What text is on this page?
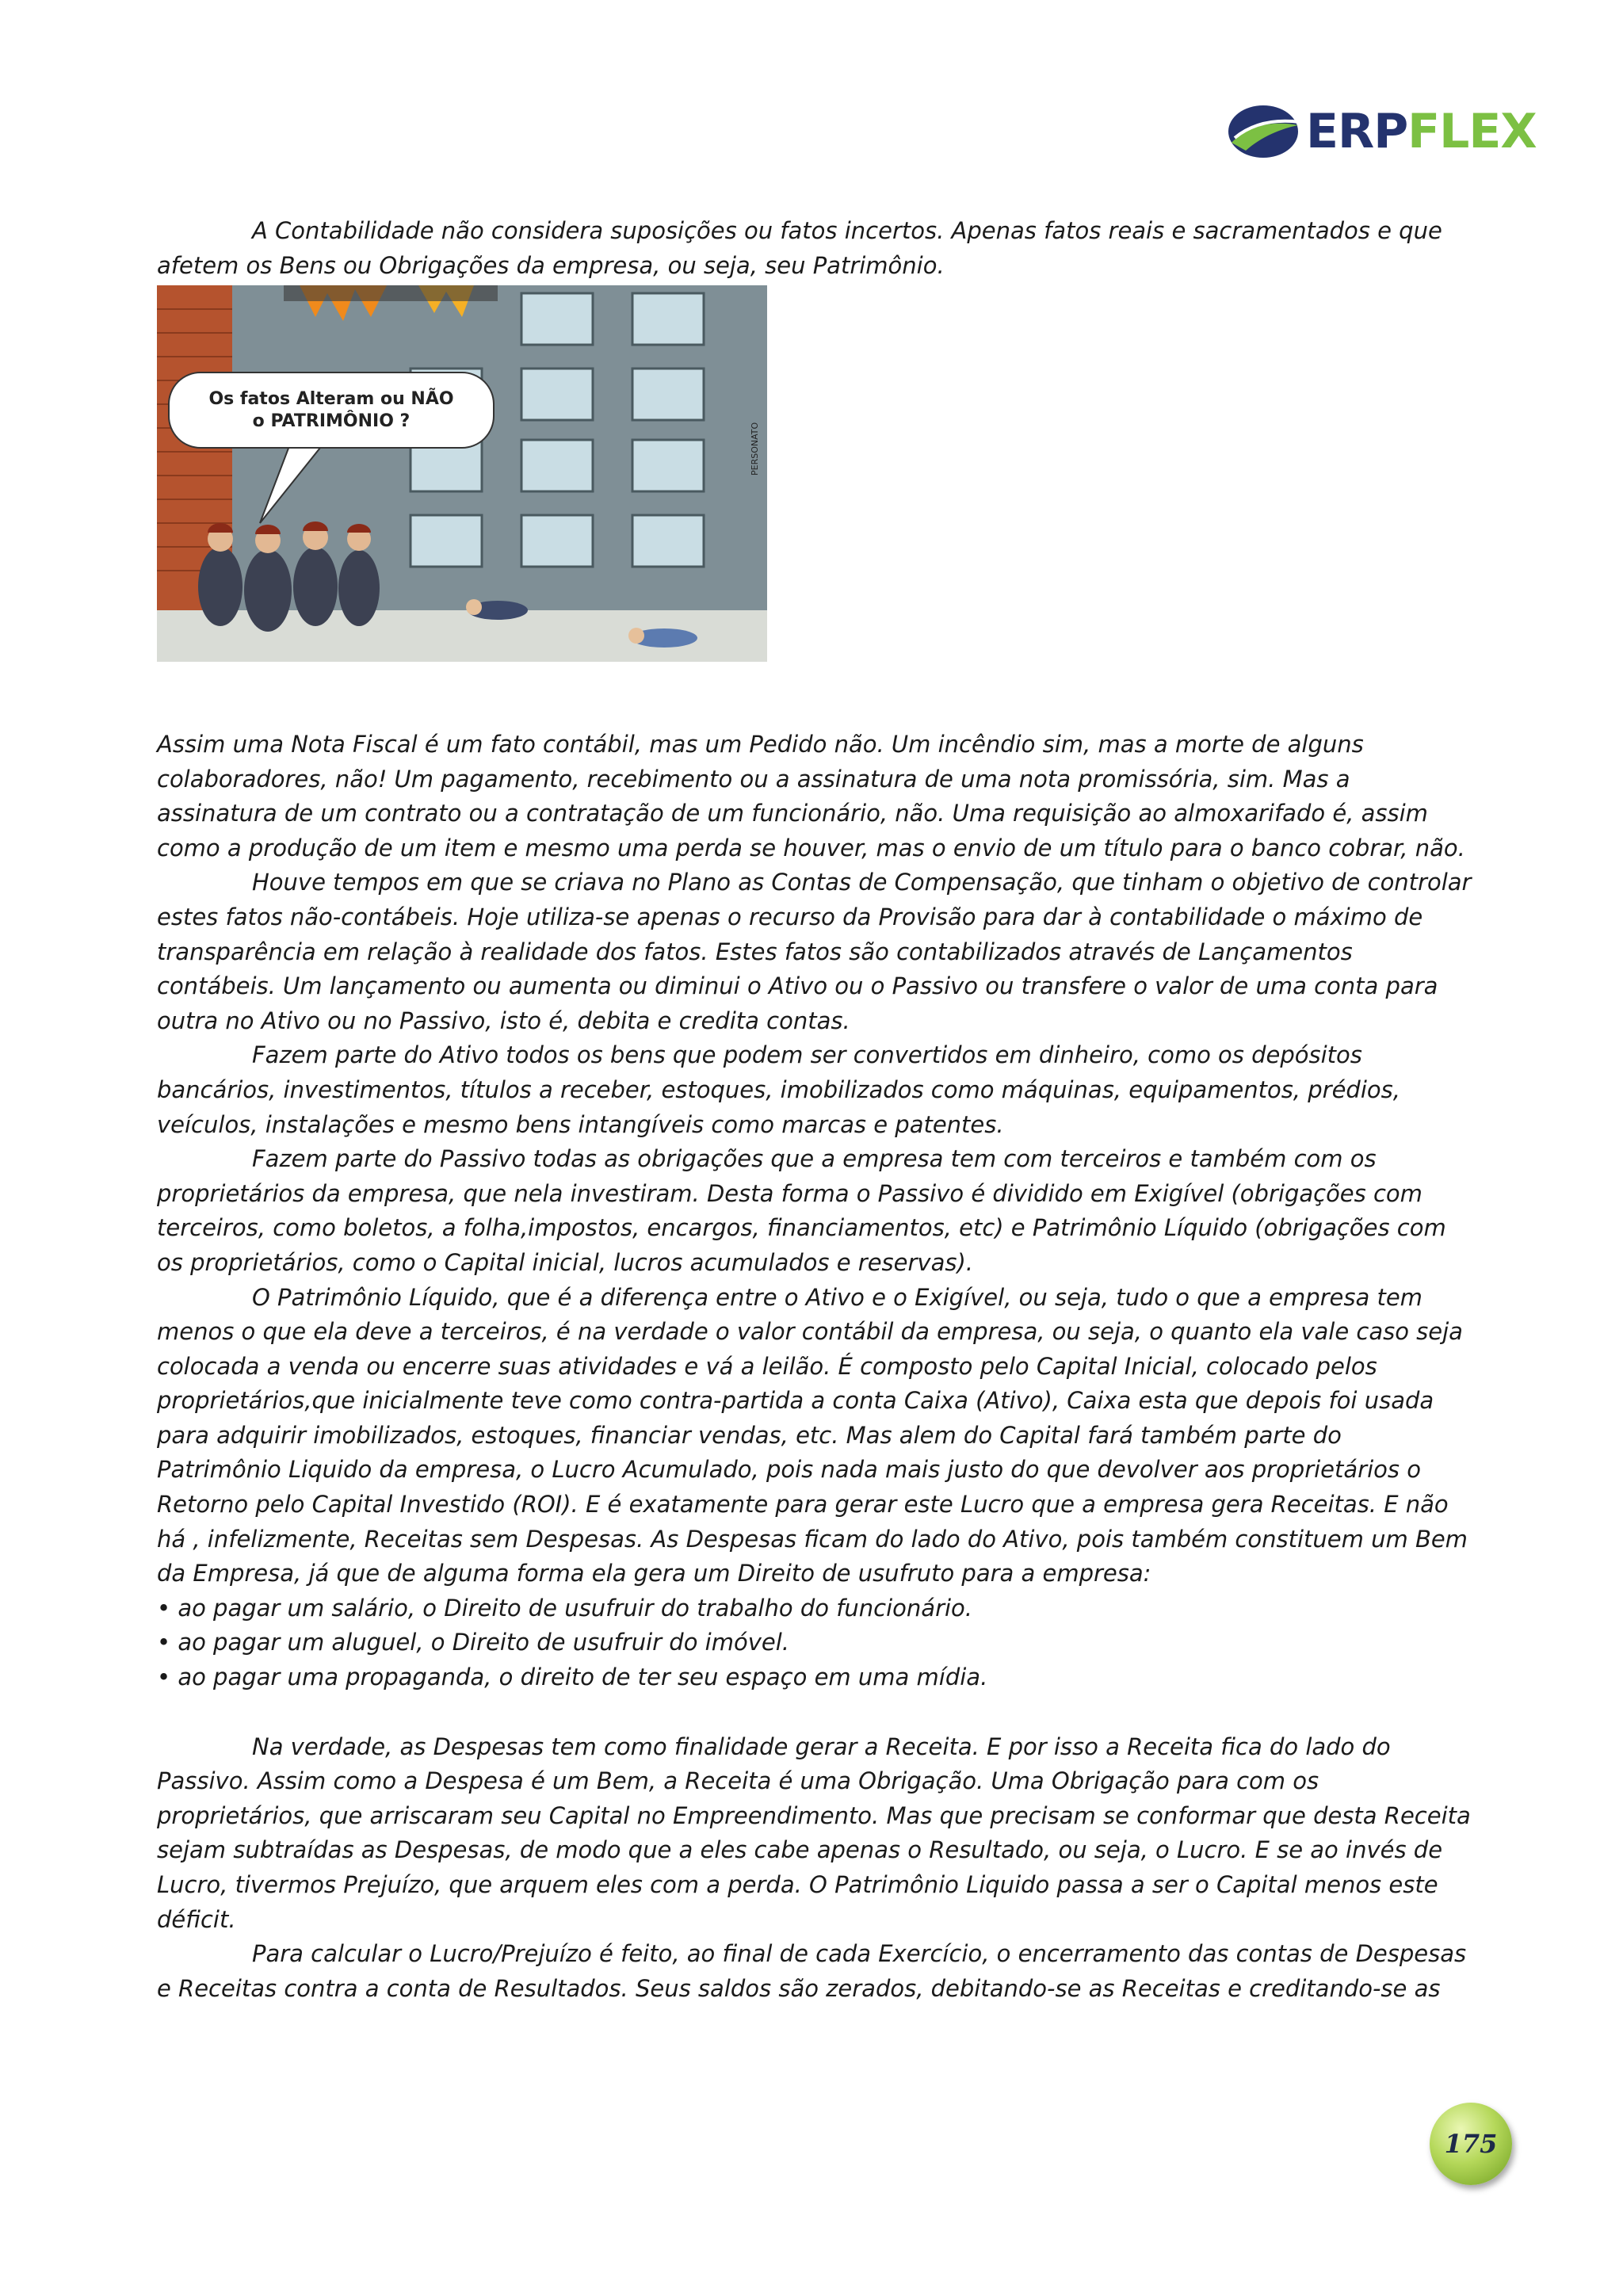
ERPFLEX

A Contabilidade não considera suposições ou fatos incertos. Apenas fatos reais e sacramentados e que afetem os Bens ou Obrigações da empresa, ou seja, seu Patrimônio.

Os fatos Alteram ou NÃO
o PATRIMÔNIO ?
PERSONATO

Assim uma Nota Fiscal é um fato contábil, mas um Pedido não. Um incêndio sim, mas a morte de alguns colaboradores, não! Um pagamento, recebimento ou a assinatura de uma nota promissória, sim. Mas a assinatura de um contrato ou a contratação de um funcionário, não. Uma requisição ao almoxarifado é, assim como a produção de um item e mesmo uma perda se houver, mas o envio de um título para o banco cobrar, não.

Houve tempos em que se criava no Plano as Contas de Compensação, que tinham o objetivo de controlar estes fatos não-contábeis. Hoje utiliza-se apenas o recurso da Provisão para dar à contabilidade o máximo de transparência em relação à realidade dos fatos. Estes fatos são contabilizados através de Lançamentos contábeis. Um lançamento ou aumenta ou diminui o Ativo ou o Passivo ou transfere o valor de uma conta para outra no Ativo ou no Passivo, isto é, debita e credita contas.

Fazem parte do Ativo todos os bens que podem ser convertidos em dinheiro, como os depósitos bancários, investimentos, títulos a receber, estoques, imobilizados como máquinas, equipamentos, prédios, veículos, instalações e mesmo bens intangíveis como marcas e patentes.

Fazem parte do Passivo todas as obrigações que a empresa tem com terceiros e também com os proprietários da empresa, que nela investiram. Desta forma o Passivo é dividido em Exigível (obrigações com terceiros, como boletos, a folha,impostos, encargos, financiamentos, etc) e Patrimônio Líquido (obrigações com os proprietários, como o Capital inicial, lucros acumulados e reservas).

O Patrimônio Líquido, que é a diferença entre o Ativo e o Exigível, ou seja, tudo o que a empresa tem menos o que ela deve a terceiros, é na verdade o valor contábil da empresa, ou seja, o quanto ela vale caso seja colocada a venda ou encerre suas atividades e vá a leilão. É composto pelo Capital Inicial, colocado pelos proprietários,que inicialmente teve como contra-partida a conta Caixa (Ativo), Caixa esta que depois foi usada para adquirir imobilizados, estoques, financiar vendas, etc. Mas alem do Capital fará também parte do Patrimônio Liquido da empresa, o Lucro Acumulado, pois nada mais justo do que devolver aos proprietários o Retorno pelo Capital Investido (ROI). E é exatamente para gerar este Lucro que a empresa gera Receitas. E não há , infelizmente, Receitas sem Despesas. As Despesas ficam do lado do Ativo, pois também constituem um Bem da Empresa, já que de alguma forma ela gera um Direito de usufruto para a empresa:

• ao pagar um salário, o Direito de usufruir do trabalho do funcionário.
• ao pagar um aluguel, o Direito de usufruir do imóvel.
• ao pagar uma propaganda, o direito de ter seu espaço em uma mídia.

Na verdade, as Despesas tem como finalidade gerar a Receita. E por isso a Receita fica do lado do Passivo. Assim como a Despesa é um Bem, a Receita é uma Obrigação. Uma Obrigação para com os proprietários, que arriscaram seu Capital no Empreendimento. Mas que precisam se conformar que desta Receita sejam subtraídas as Despesas, de modo que a eles cabe apenas o Resultado, ou seja, o Lucro. E se ao invés de Lucro, tivermos Prejuízo, que arquem eles com a perda. O Patrimônio Liquido passa a ser o Capital menos este déficit.

Para calcular o Lucro/Prejuízo é feito, ao final de cada Exercício, o encerramento das contas de Despesas e Receitas contra a conta de Resultados. Seus saldos são zerados, debitando-se as Receitas e creditando-se as

175
